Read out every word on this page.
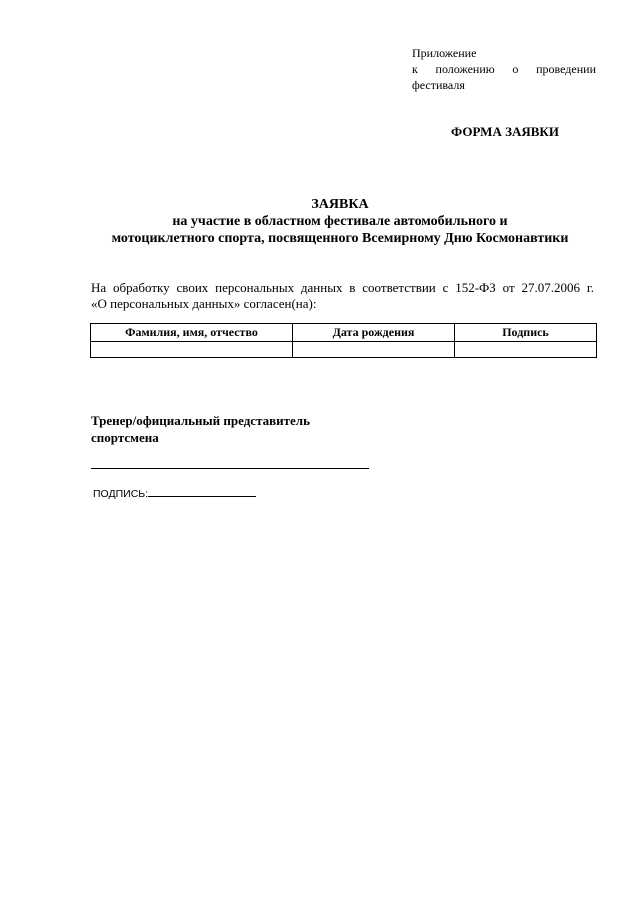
Приложение
к положению о проведении
фестиваля
ФОРМА ЗАЯВКИ
ЗАЯВКА
на участие в областном фестивале автомобильного и
мотоциклетного спорта, посвященного Всемирному Дню Космонавтики
На обработку своих персональных данных в соответствии с 152-ФЗ от 27.07.2006 г.
«О персональных данных» согласен(на):
Фамилия, имя, отчество	Дата рождения	Подпись

Тренер/официальный представитель
спортсмена
ПОДПИСЬ:
